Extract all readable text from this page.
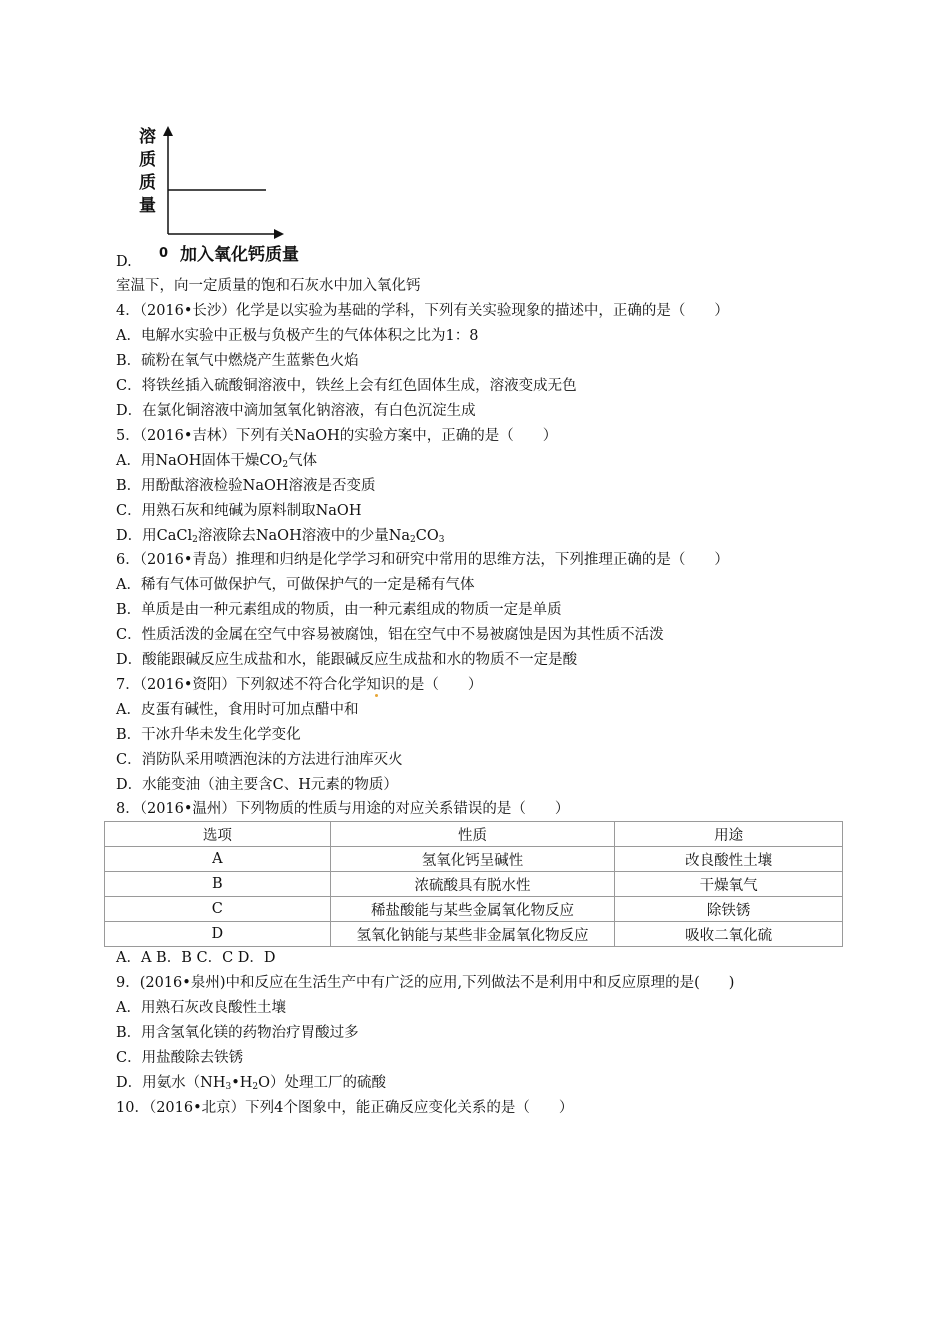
溶
质
质
量
0 加入氧化钙质量
D.
室温下，向一定质量的饱和石灰水中加入氧化钙
4．（2016•长沙）化学是以实验为基础的学科，下列有关实验现象的描述中，正确的是（　　）
A．电解水实验中正极与负极产生的气体体积之比为1：8
B．硫粉在氧气中燃烧产生蓝紫色火焰
C．将铁丝插入硫酸铜溶液中，铁丝上会有红色固体生成，溶液变成无色
D．在氯化铜溶液中滴加氢氧化钠溶液，有白色沉淀生成
5．（2016•吉林）下列有关NaOH的实验方案中，正确的是（　　）
A．用NaOH固体干燥$CO_2$气体
B．用酚酞溶液检验NaOH溶液是否变质
C．用熟石灰和纯碱为原料制取NaOH
D．用CaCl$_2$溶液除去NaOH溶液中的少量$Na_2CO_3$
6．（2016•青岛）推理和归纳是化学学习和研究中常用的思维方法，下列推理正确的是（　　）
A．稀有气体可做保护气，可做保护气的一定是稀有气体
B．单质是由一种元素组成的物质，由一种元素组成的物质一定是单质
C．性质活泼的金属在空气中容易被腐蚀，铝在空气中不易被腐蚀是因为其性质不活泼
D．酸能跟碱反应生成盐和水，能跟碱反应生成盐和水的物质不一定是酸
7．（2016•资阳）下列叙述不符合化学知识的是（　　）
A．皮蛋有碱性，食用时可加点醋中和
B．干冰升华未发生化学变化
C．消防队采用喷洒泡沫的方法进行油库灭火
D．水能变油（油主要含C、H元素的物质）
8．（2016•温州）下列物质的性质与用途的对应关系错误的是（　　）
选项	性质	用途
A	氢氧化钙呈碱性	改良酸性土壤
B	浓硫酸具有脱水性	干燥氧气
C	稀盐酸能与某些金属氧化物反应	除铁锈
D	氢氧化钠能与某些非金属氧化物反应	吸收二氧化硫
A．A B．B C．C D．D
9．(2016•泉州)中和反应在生活生产中有广泛的应用,下列做法不是利用中和反应原理的是(　　)
A．用熟石灰改良酸性土壤
B．用含氢氧化镁的药物治疗胃酸过多
C．用盐酸除去铁锈
D．用氨水$(NH_3•H_2O)$处理工厂的硫酸
10．（2016•北京）下列4个图象中，能正确反应变化关系的是（　　）
